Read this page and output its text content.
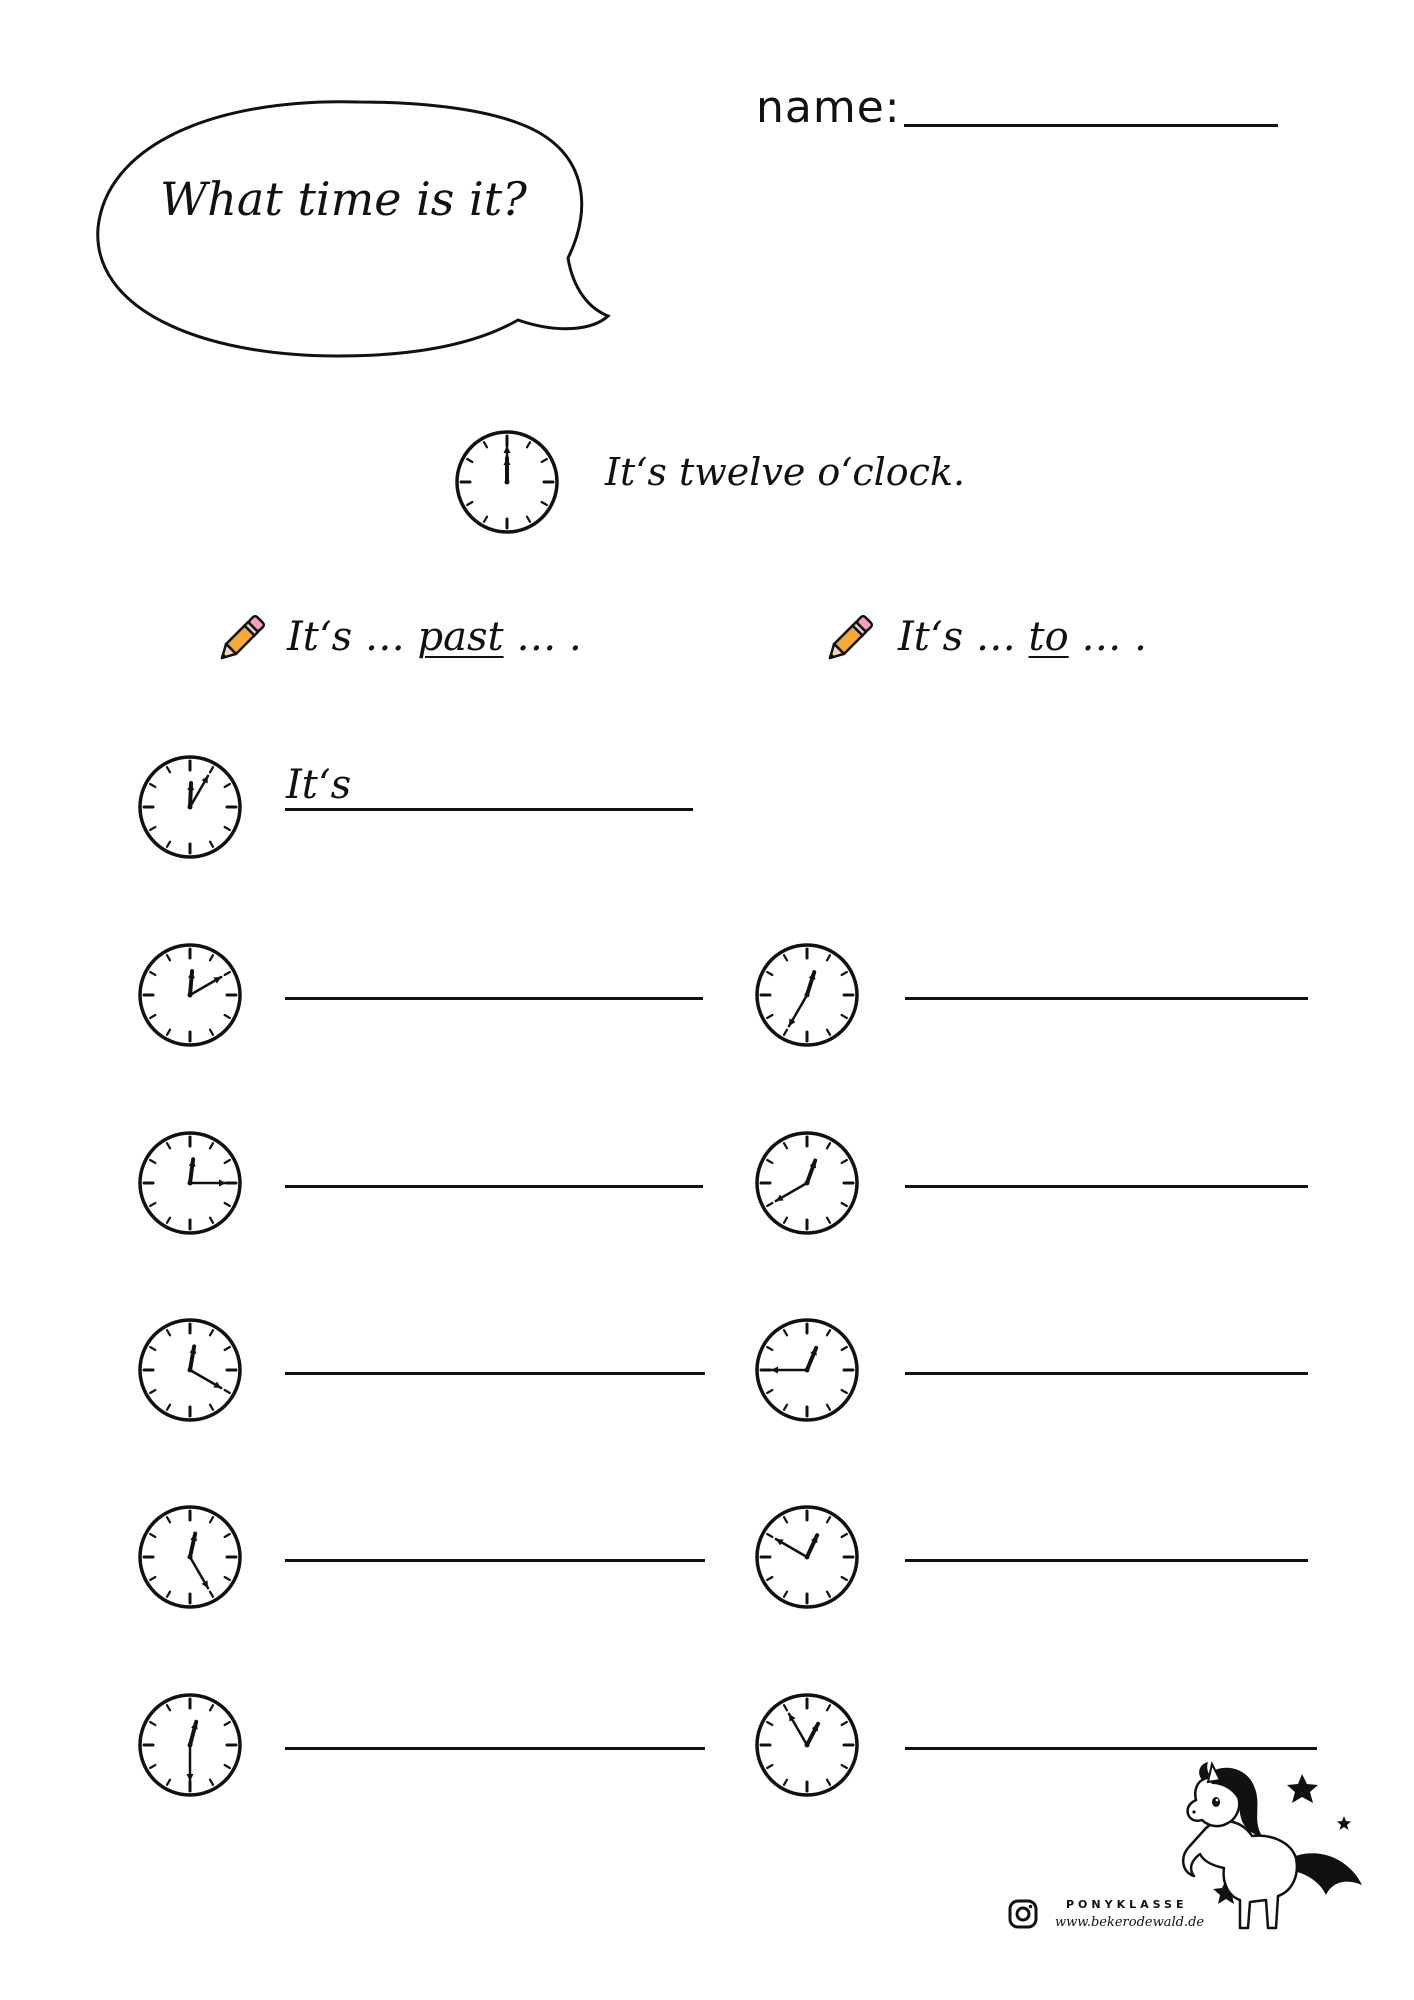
What time is it?
name:
It‘s twelve o‘clock.
It‘s … past … .	It‘s … to … .
It‘s
PONYKLASSE
www.bekerodewald.de
